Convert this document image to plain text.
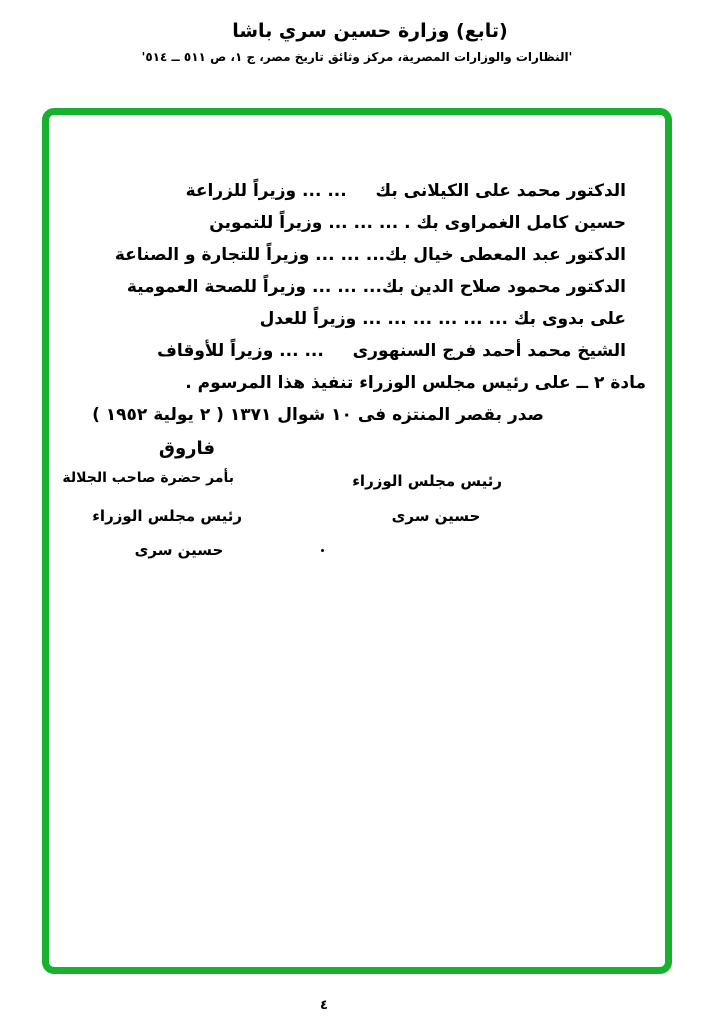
(تابع) وزارة حسين سري باشا
'النظارات والوزارات المصرية، مركز وثائق تاريخ مصر، ج ١، ص ٥١١ ــ ٥١٤'
الدكتور محمد على الكيلانى بك   ... ... وزيراً للزراعة
حسين كامل الغمراوى بك . ... ... ... وزيراً للتموين
الدكتور عبد المعطى خيال بك... ... ... وزيراً للتجارة و الصناعة
الدكتور محمود صلاح الدين بك... ... ... وزيراً للصحة العمومية
على بدوى بك ... ... ... ... ... ... وزيراً للعدل
الشيخ محمد أحمد فرج السنهورى   ... ... وزيراً للأوقاف
مادة ٢ ــ على رئيس مجلس الوزراء تنفيذ هذا المرسوم .
صدر بقصر المنتزه فى ١٠ شوال ١٣٧١ ( ٢ يولية ١٩٥٢ )
فاروق
بأمر حضرة صاحب الجلالة
رئيس مجلس الوزراء
حسين سرى
رئيس مجلس الوزراء
حسين سرى
٤
